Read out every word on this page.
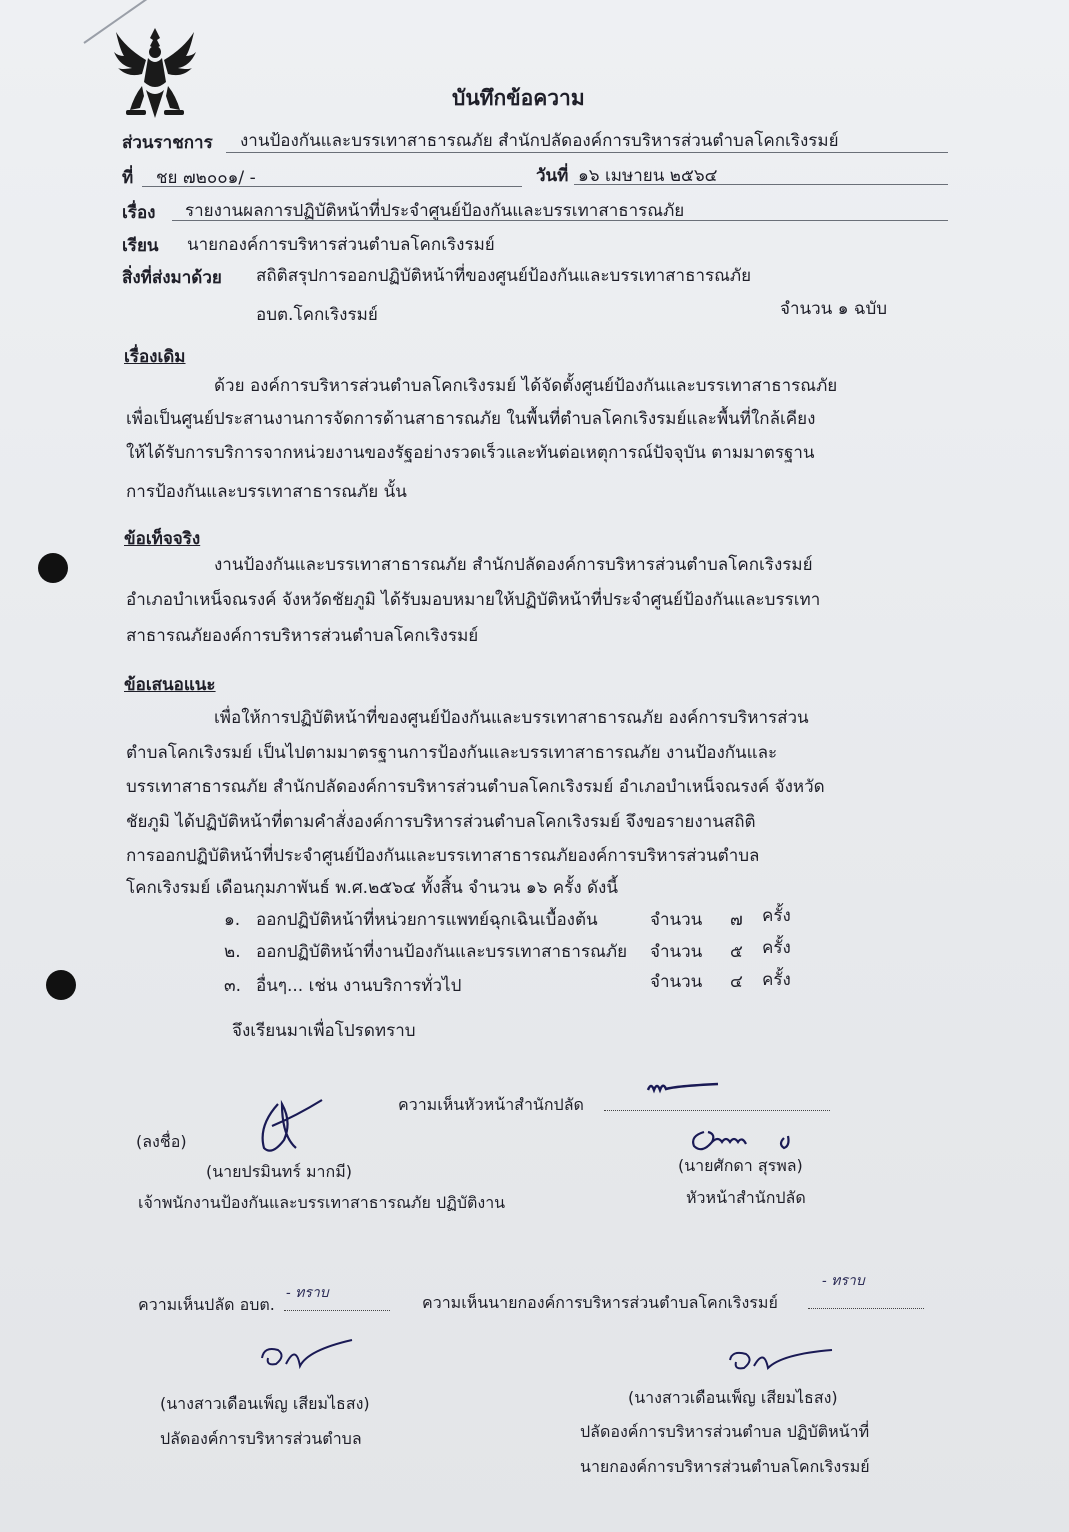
บันทึกข้อความ
ส่วนราชการ งานป้องกันและบรรเทาสาธารณภัย สำนักปลัดองค์การบริหารส่วนตำบลโคกเริงรมย์
ที่ ชย ๗๒๐๐๑/ -	วันที่ ๑๖ เมษายน ๒๕๖๔
เรื่อง รายงานผลการปฏิบัติหน้าที่ประจำศูนย์ป้องกันและบรรเทาสาธารณภัย
เรียน นายกองค์การบริหารส่วนตำบลโคกเริงรมย์
สิ่งที่ส่งมาด้วย สถิติสรุปการออกปฏิบัติหน้าที่ของศูนย์ป้องกันและบรรเทาสาธารณภัย
อบต.โคกเริงรมย์	จำนวน ๑ ฉบับ
เรื่องเดิม
ด้วย องค์การบริหารส่วนตำบลโคกเริงรมย์ ได้จัดตั้งศูนย์ป้องกันและบรรเทาสาธารณภัย
เพื่อเป็นศูนย์ประสานงานการจัดการด้านสาธารณภัย ในพื้นที่ตำบลโคกเริงรมย์และพื้นที่ใกล้เคียง
ให้ได้รับการบริการจากหน่วยงานของรัฐอย่างรวดเร็วและทันต่อเหตุการณ์ปัจจุบัน ตามมาตรฐาน
การป้องกันและบรรเทาสาธารณภัย นั้น
ข้อเท็จจริง
งานป้องกันและบรรเทาสาธารณภัย สำนักปลัดองค์การบริหารส่วนตำบลโคกเริงรมย์
อำเภอบำเหน็จณรงค์ จังหวัดชัยภูมิ ได้รับมอบหมายให้ปฏิบัติหน้าที่ประจำศูนย์ป้องกันและบรรเทา
สาธารณภัยองค์การบริหารส่วนตำบลโคกเริงรมย์
ข้อเสนอแนะ
เพื่อให้การปฏิบัติหน้าที่ของศูนย์ป้องกันและบรรเทาสาธารณภัย องค์การบริหารส่วน
ตำบลโคกเริงรมย์ เป็นไปตามมาตรฐานการป้องกันและบรรเทาสาธารณภัย งานป้องกันและ
บรรเทาสาธารณภัย สำนักปลัดองค์การบริหารส่วนตำบลโคกเริงรมย์ อำเภอบำเหน็จณรงค์ จังหวัด
ชัยภูมิ ได้ปฏิบัติหน้าที่ตามคำสั่งองค์การบริหารส่วนตำบลโคกเริงรมย์ จึงขอรายงานสถิติ
การออกปฏิบัติหน้าที่ประจำศูนย์ป้องกันและบรรเทาสาธารณภัยองค์การบริหารส่วนตำบล
โคกเริงรมย์ เดือนกุมภาพันธ์ พ.ศ.๒๕๖๔ ทั้งสิ้น จำนวน ๑๖ ครั้ง ดังนี้
๑. ออกปฏิบัติหน้าที่หน่วยการแพทย์ฉุกเฉินเบื้องต้น	จำนวน ๗ ครั้ง
๒. ออกปฏิบัติหน้าที่งานป้องกันและบรรเทาสาธารณภัย จำนวน ๕ ครั้ง
๓. อื่นๆ... เช่น งานบริการทั่วไป	จำนวน ๔ ครั้ง
จึงเรียนมาเพื่อโปรดทราบ
ความเห็นหัวหน้าสำนักปลัด
(ลงชื่อ)
(นายปรมินทร์ มากมี)
เจ้าพนักงานป้องกันและบรรเทาสาธารณภัย ปฏิบัติงาน
(นายศักดา สุรพล)
หัวหน้าสำนักปลัด
ความเห็นปลัด อบต.
- ทราบ	ความเห็นนายกองค์การบริหารส่วนตำบลโคกเริงรมย์
- ทราบ
(นางสาวเดือนเพ็ญ เสียมไธสง)
ปลัดองค์การบริหารส่วนตำบล
(นางสาวเดือนเพ็ญ เสียมไธสง)
ปลัดองค์การบริหารส่วนตำบล ปฏิบัติหน้าที่
นายกองค์การบริหารส่วนตำบลโคกเริงรมย์
